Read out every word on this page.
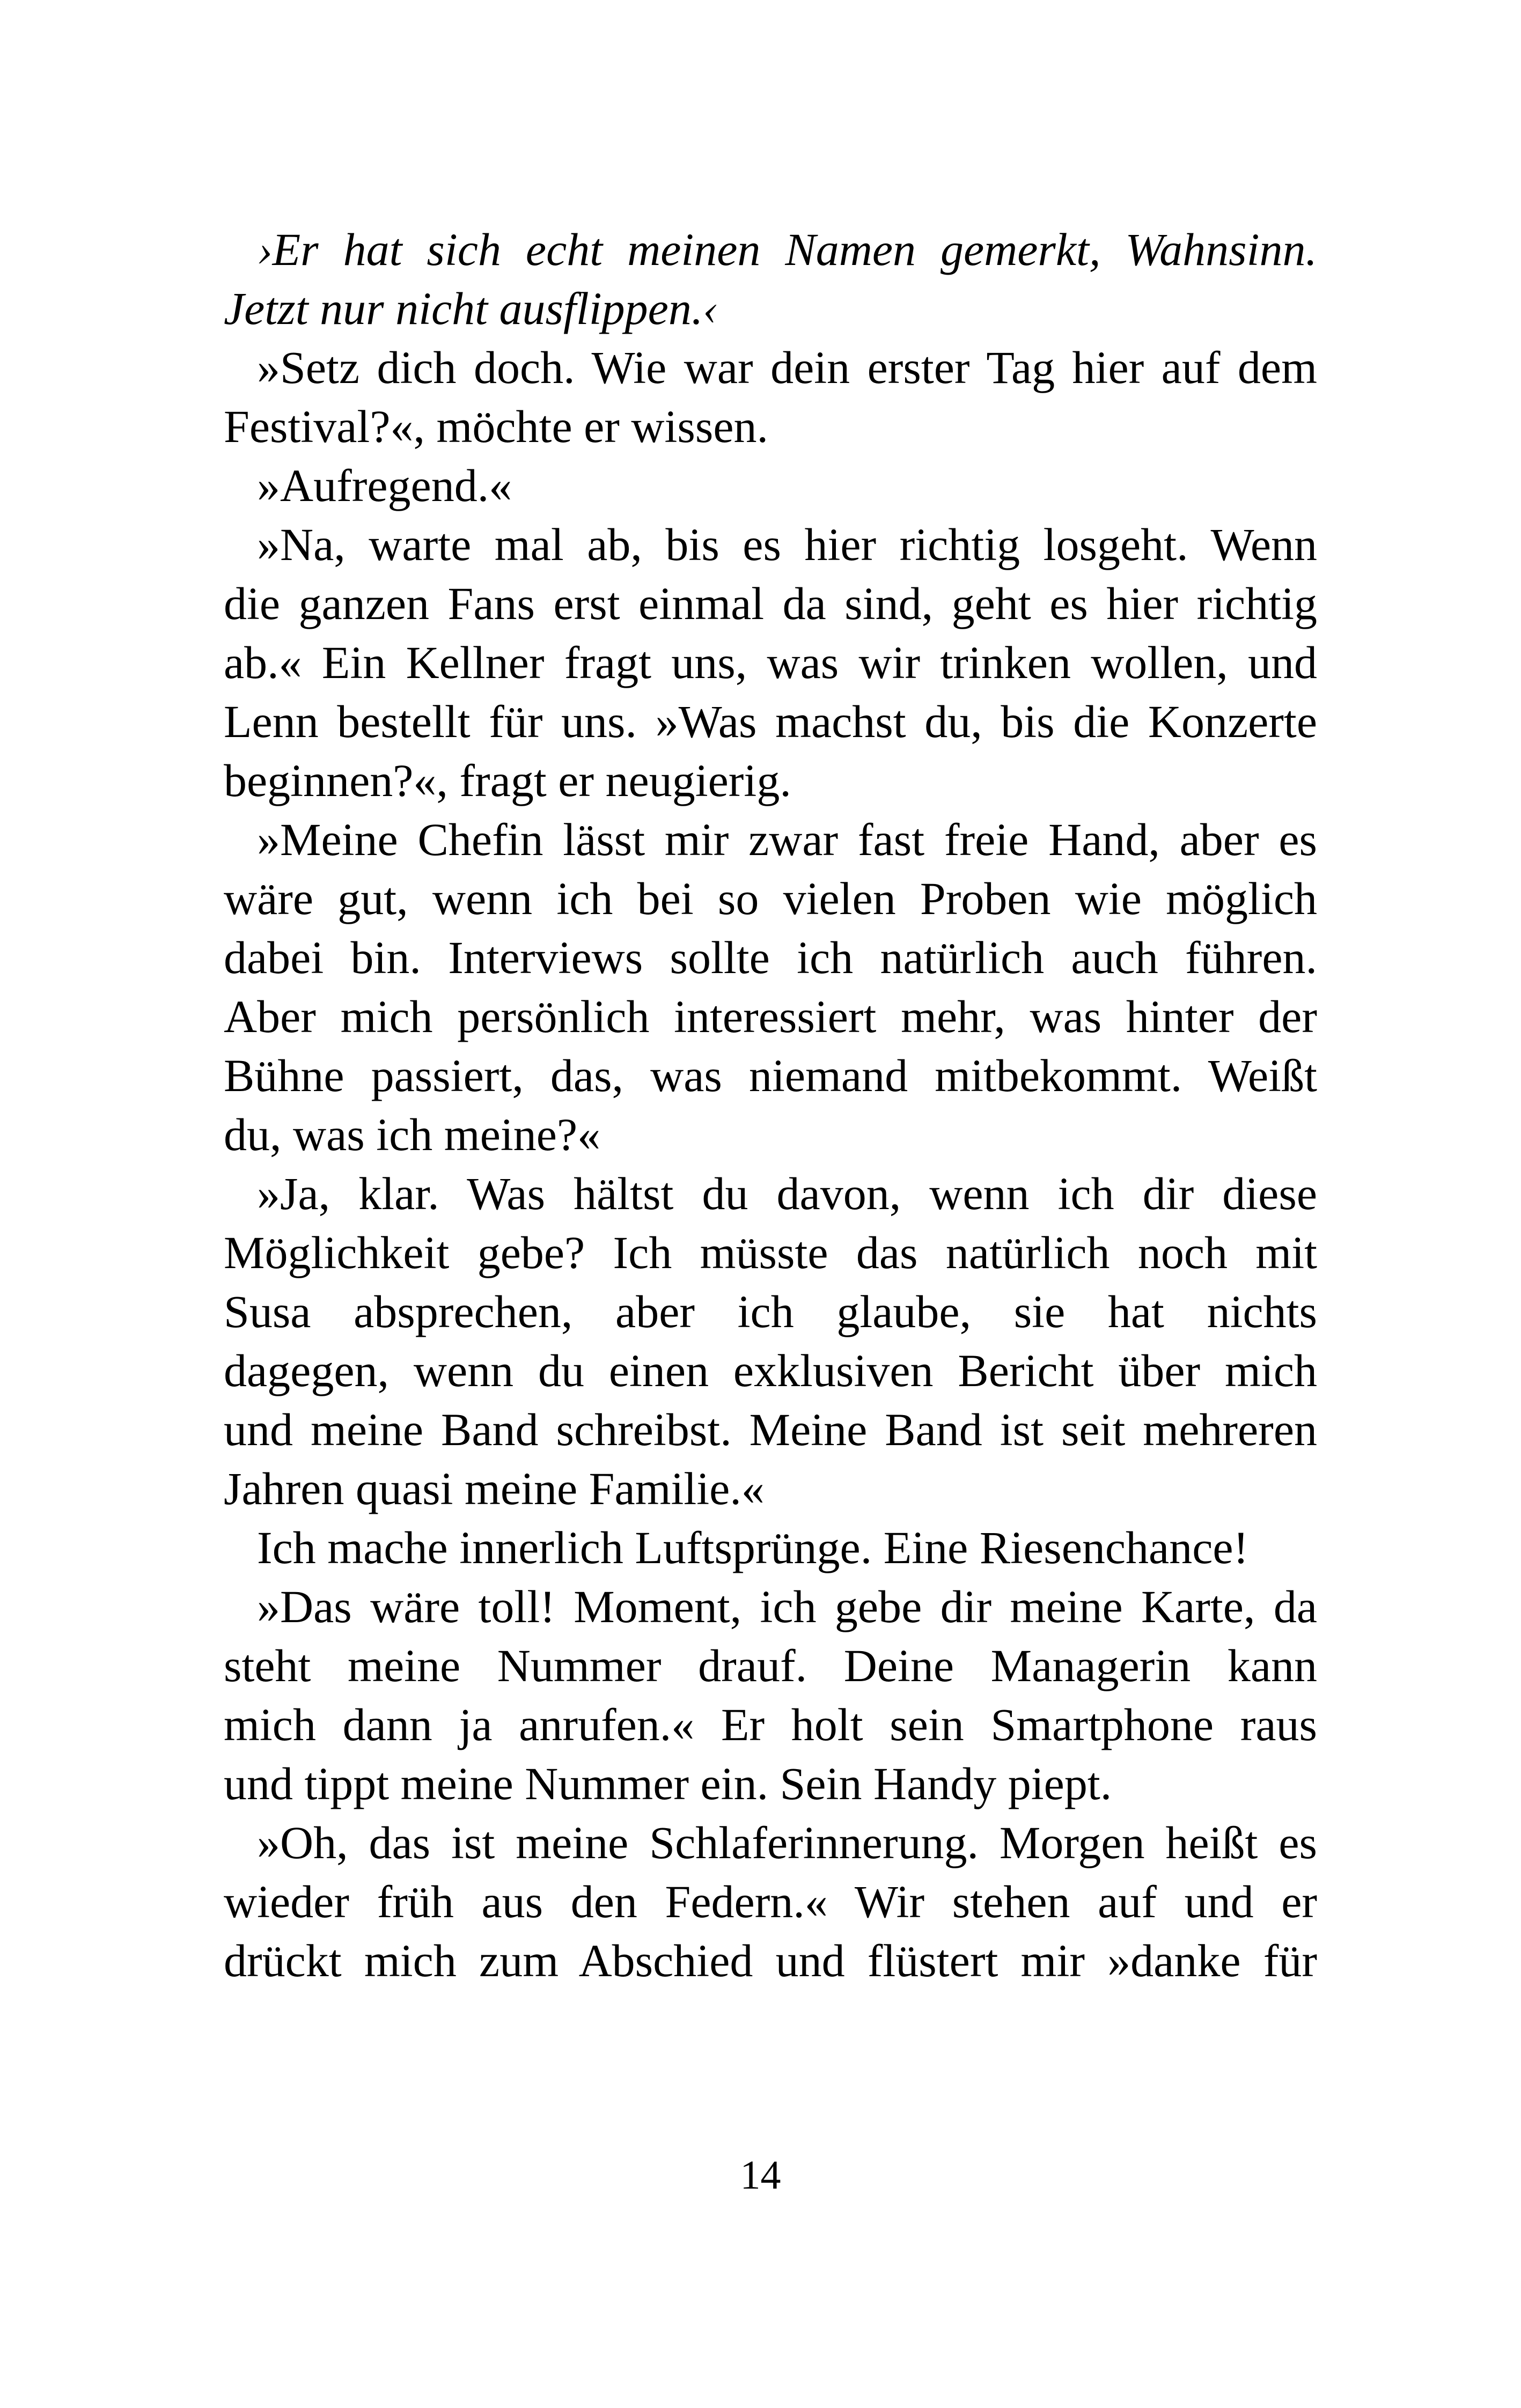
›Er hat sich echt meinen Namen gemerkt, Wahnsinn.
Jetzt nur nicht ausflippen.‹
»Setz dich doch. Wie war dein erster Tag hier auf dem
Festival?«, möchte er wissen.
»Aufregend.«
»Na, warte mal ab, bis es hier richtig losgeht. Wenn
die ganzen Fans erst einmal da sind, geht es hier richtig
ab.« Ein Kellner fragt uns, was wir trinken wollen, und
Lenn bestellt für uns. »Was machst du, bis die Konzerte
beginnen?«, fragt er neugierig.
»Meine Chefin lässt mir zwar fast freie Hand, aber es
wäre gut, wenn ich bei so vielen Proben wie möglich
dabei bin. Interviews sollte ich natürlich auch führen.
Aber mich persönlich interessiert mehr, was hinter der
Bühne passiert, das, was niemand mitbekommt. Weißt
du, was ich meine?«
»Ja, klar. Was hältst du davon, wenn ich dir diese
Möglichkeit gebe? Ich müsste das natürlich noch mit
Susa absprechen, aber ich glaube, sie hat nichts
dagegen, wenn du einen exklusiven Bericht über mich
und meine Band schreibst. Meine Band ist seit mehreren
Jahren quasi meine Familie.«
Ich mache innerlich Luftsprünge. Eine Riesenchance!
»Das wäre toll! Moment, ich gebe dir meine Karte, da
steht meine Nummer drauf. Deine Managerin kann
mich dann ja anrufen.« Er holt sein Smartphone raus
und tippt meine Nummer ein. Sein Handy piept.
»Oh, das ist meine Schlaferinnerung. Morgen heißt es
wieder früh aus den Federn.« Wir stehen auf und er
drückt mich zum Abschied und flüstert mir »danke für
14
